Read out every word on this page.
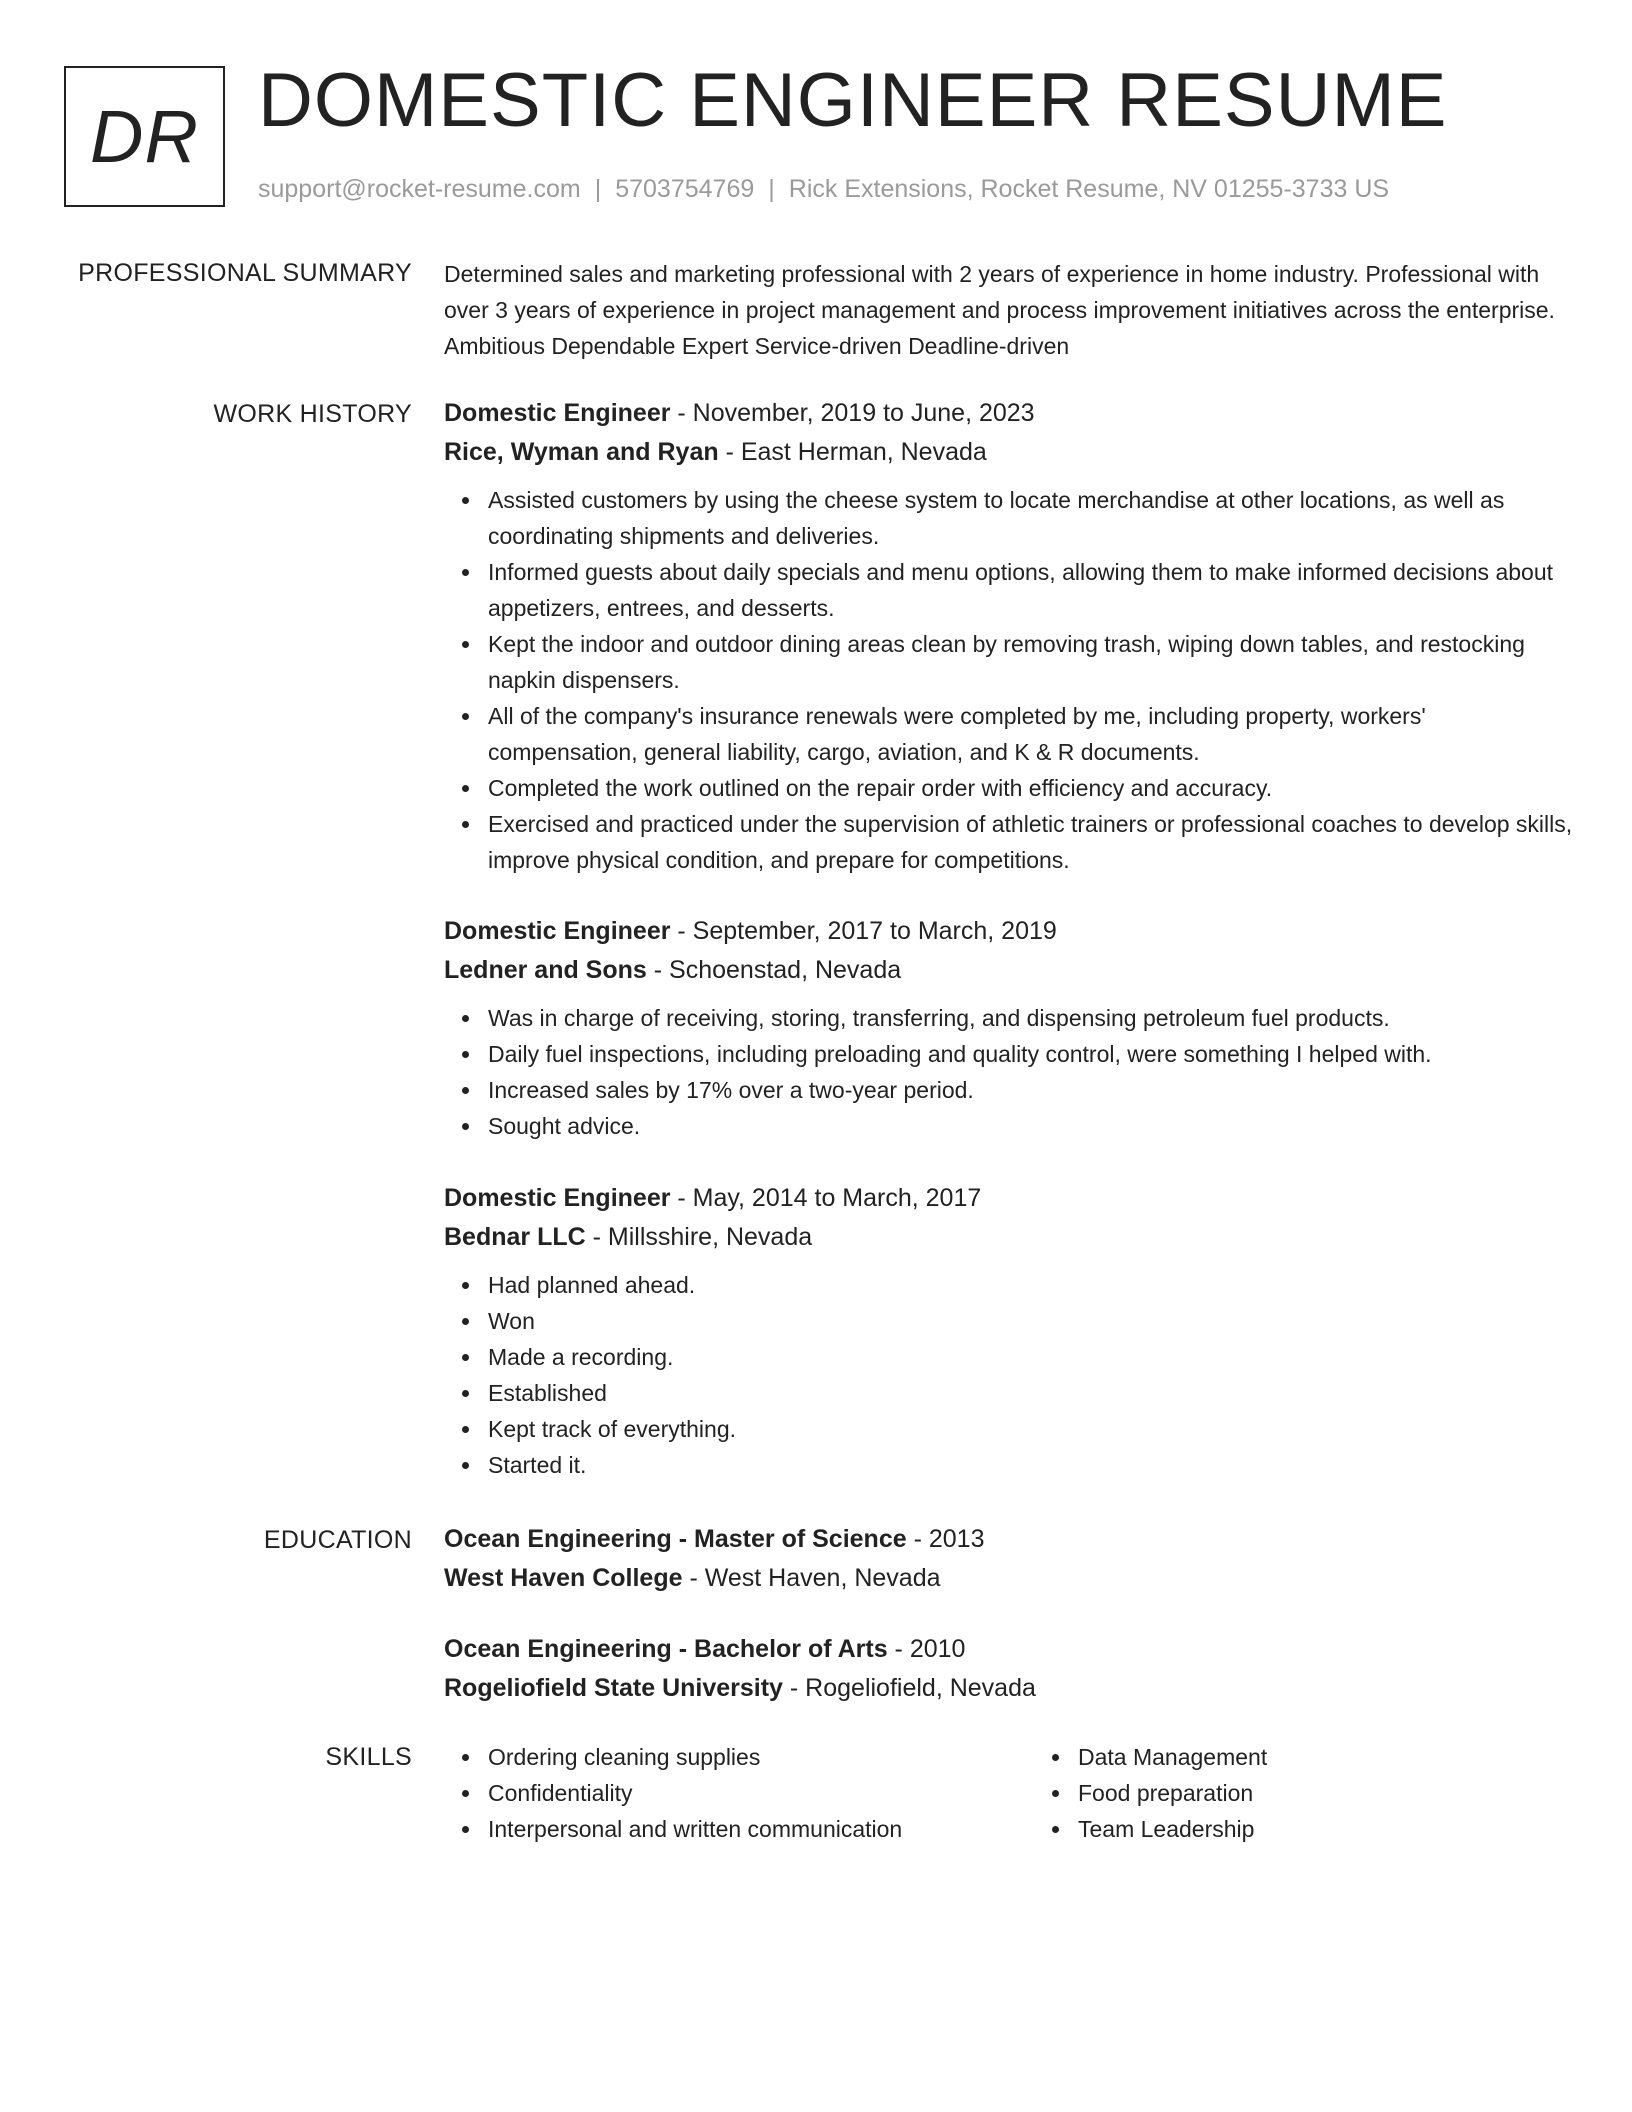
DR DOMESTIC ENGINEER RESUME
support@rocket-resume.com | 5703754769 | Rick Extensions, Rocket Resume, NV 01255-3733 US
PROFESSIONAL SUMMARY Determined sales and marketing professional with 2 years of experience in home industry. Professional with over 3 years of experience in project management and process improvement initiatives across the enterprise. Ambitious Dependable Expert Service-driven Deadline-driven

WORK HISTORY Domestic Engineer - November, 2019 to June, 2023
Rice, Wyman and Ryan - East Herman, Nevada
Assisted customers by using the cheese system to locate merchandise at other locations, as well as coordinating shipments and deliveries.
Informed guests about daily specials and menu options, allowing them to make informed decisions about appetizers, entrees, and desserts.
Kept the indoor and outdoor dining areas clean by removing trash, wiping down tables, and restocking napkin dispensers.
All of the company's insurance renewals were completed by me, including property, workers' compensation, general liability, cargo, aviation, and K & R documents.
Completed the work outlined on the repair order with efficiency and accuracy.
Exercised and practiced under the supervision of athletic trainers or professional coaches to develop skills, improve physical condition, and prepare for competitions.
Domestic Engineer - September, 2017 to March, 2019
Ledner and Sons - Schoenstad, Nevada
Was in charge of receiving, storing, transferring, and dispensing petroleum fuel products.
Daily fuel inspections, including preloading and quality control, were something I helped with.
Increased sales by 17% over a two-year period.
Sought advice.
Domestic Engineer - May, 2014 to March, 2017
Bednar LLC - Millsshire, Nevada
Had planned ahead.
Won
Made a recording.
Established
Kept track of everything.
Started it.
EDUCATION Ocean Engineering - Master of Science - 2013
West Haven College - West Haven, Nevada
Ocean Engineering - Bachelor of Arts - 2010
Rogeliofield State University - Rogeliofield, Nevada
SKILLS	Ordering cleaning supplies
Confidentiality
Interpersonal and written communication
Data Management
Food preparation
Team Leadership
